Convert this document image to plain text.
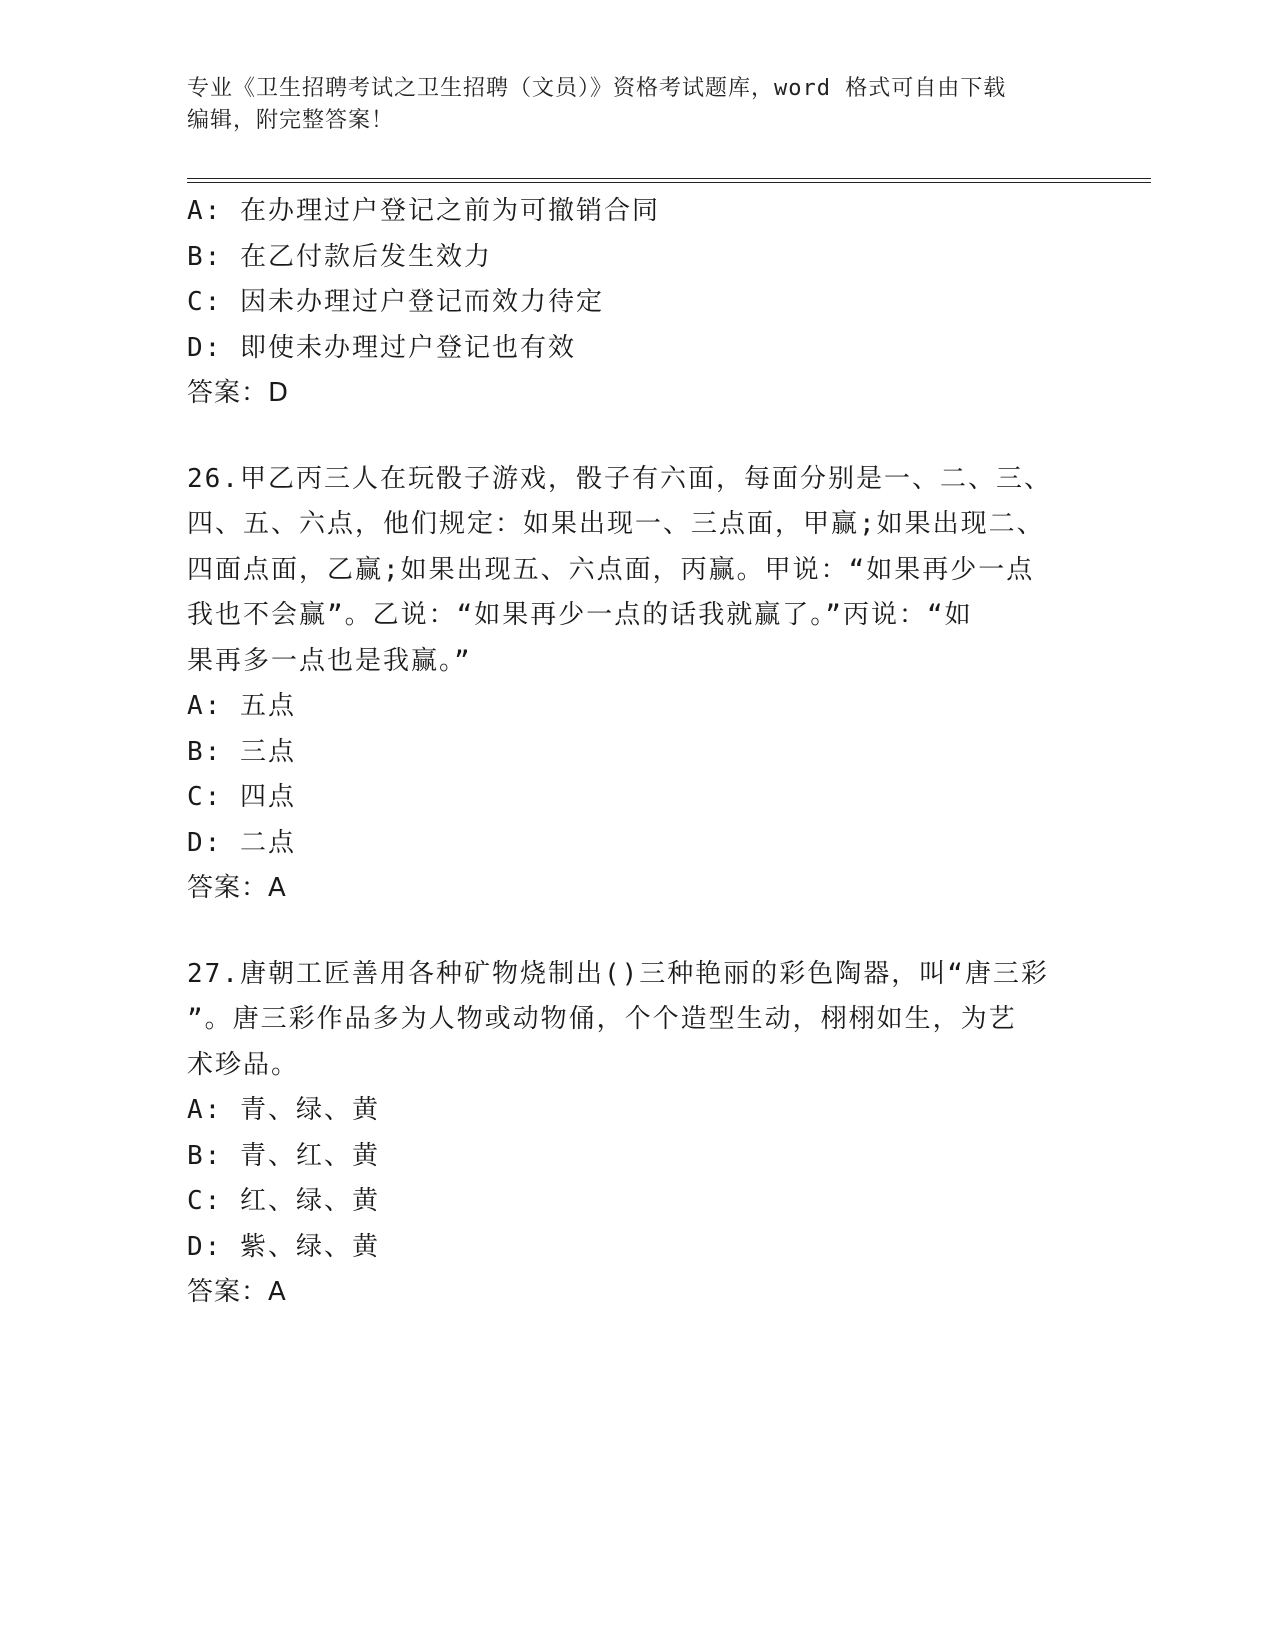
专业《卫生招聘考试之卫生招聘（文员）》资格考试题库，word 格式可自由下载
编辑，附完整答案！
A: 在办理过户登记之前为可撤销合同
B: 在乙付款后发生效力
C: 因未办理过户登记而效力待定
D: 即使未办理过户登记也有效
答案：D
26.甲乙丙三人在玩骰子游戏，骰子有六面，每面分别是一、二、三、
四、五、六点，他们规定：如果出现一、三点面，甲赢;如果出现二、
四面点面，乙赢;如果出现五、六点面，丙赢。甲说：“如果再少一点
我也不会赢”。乙说：“如果再少一点的话我就赢了。”丙说：“如
果再多一点也是我赢。”
A: 五点
B: 三点
C: 四点
D: 二点
答案：A
27.唐朝工匠善用各种矿物烧制出()三种艳丽的彩色陶器，叫“唐三彩
”。唐三彩作品多为人物或动物俑，个个造型生动，栩栩如生，为艺
术珍品。
A: 青、绿、黄
B: 青、红、黄
C: 红、绿、黄
D: 紫、绿、黄
答案：A
